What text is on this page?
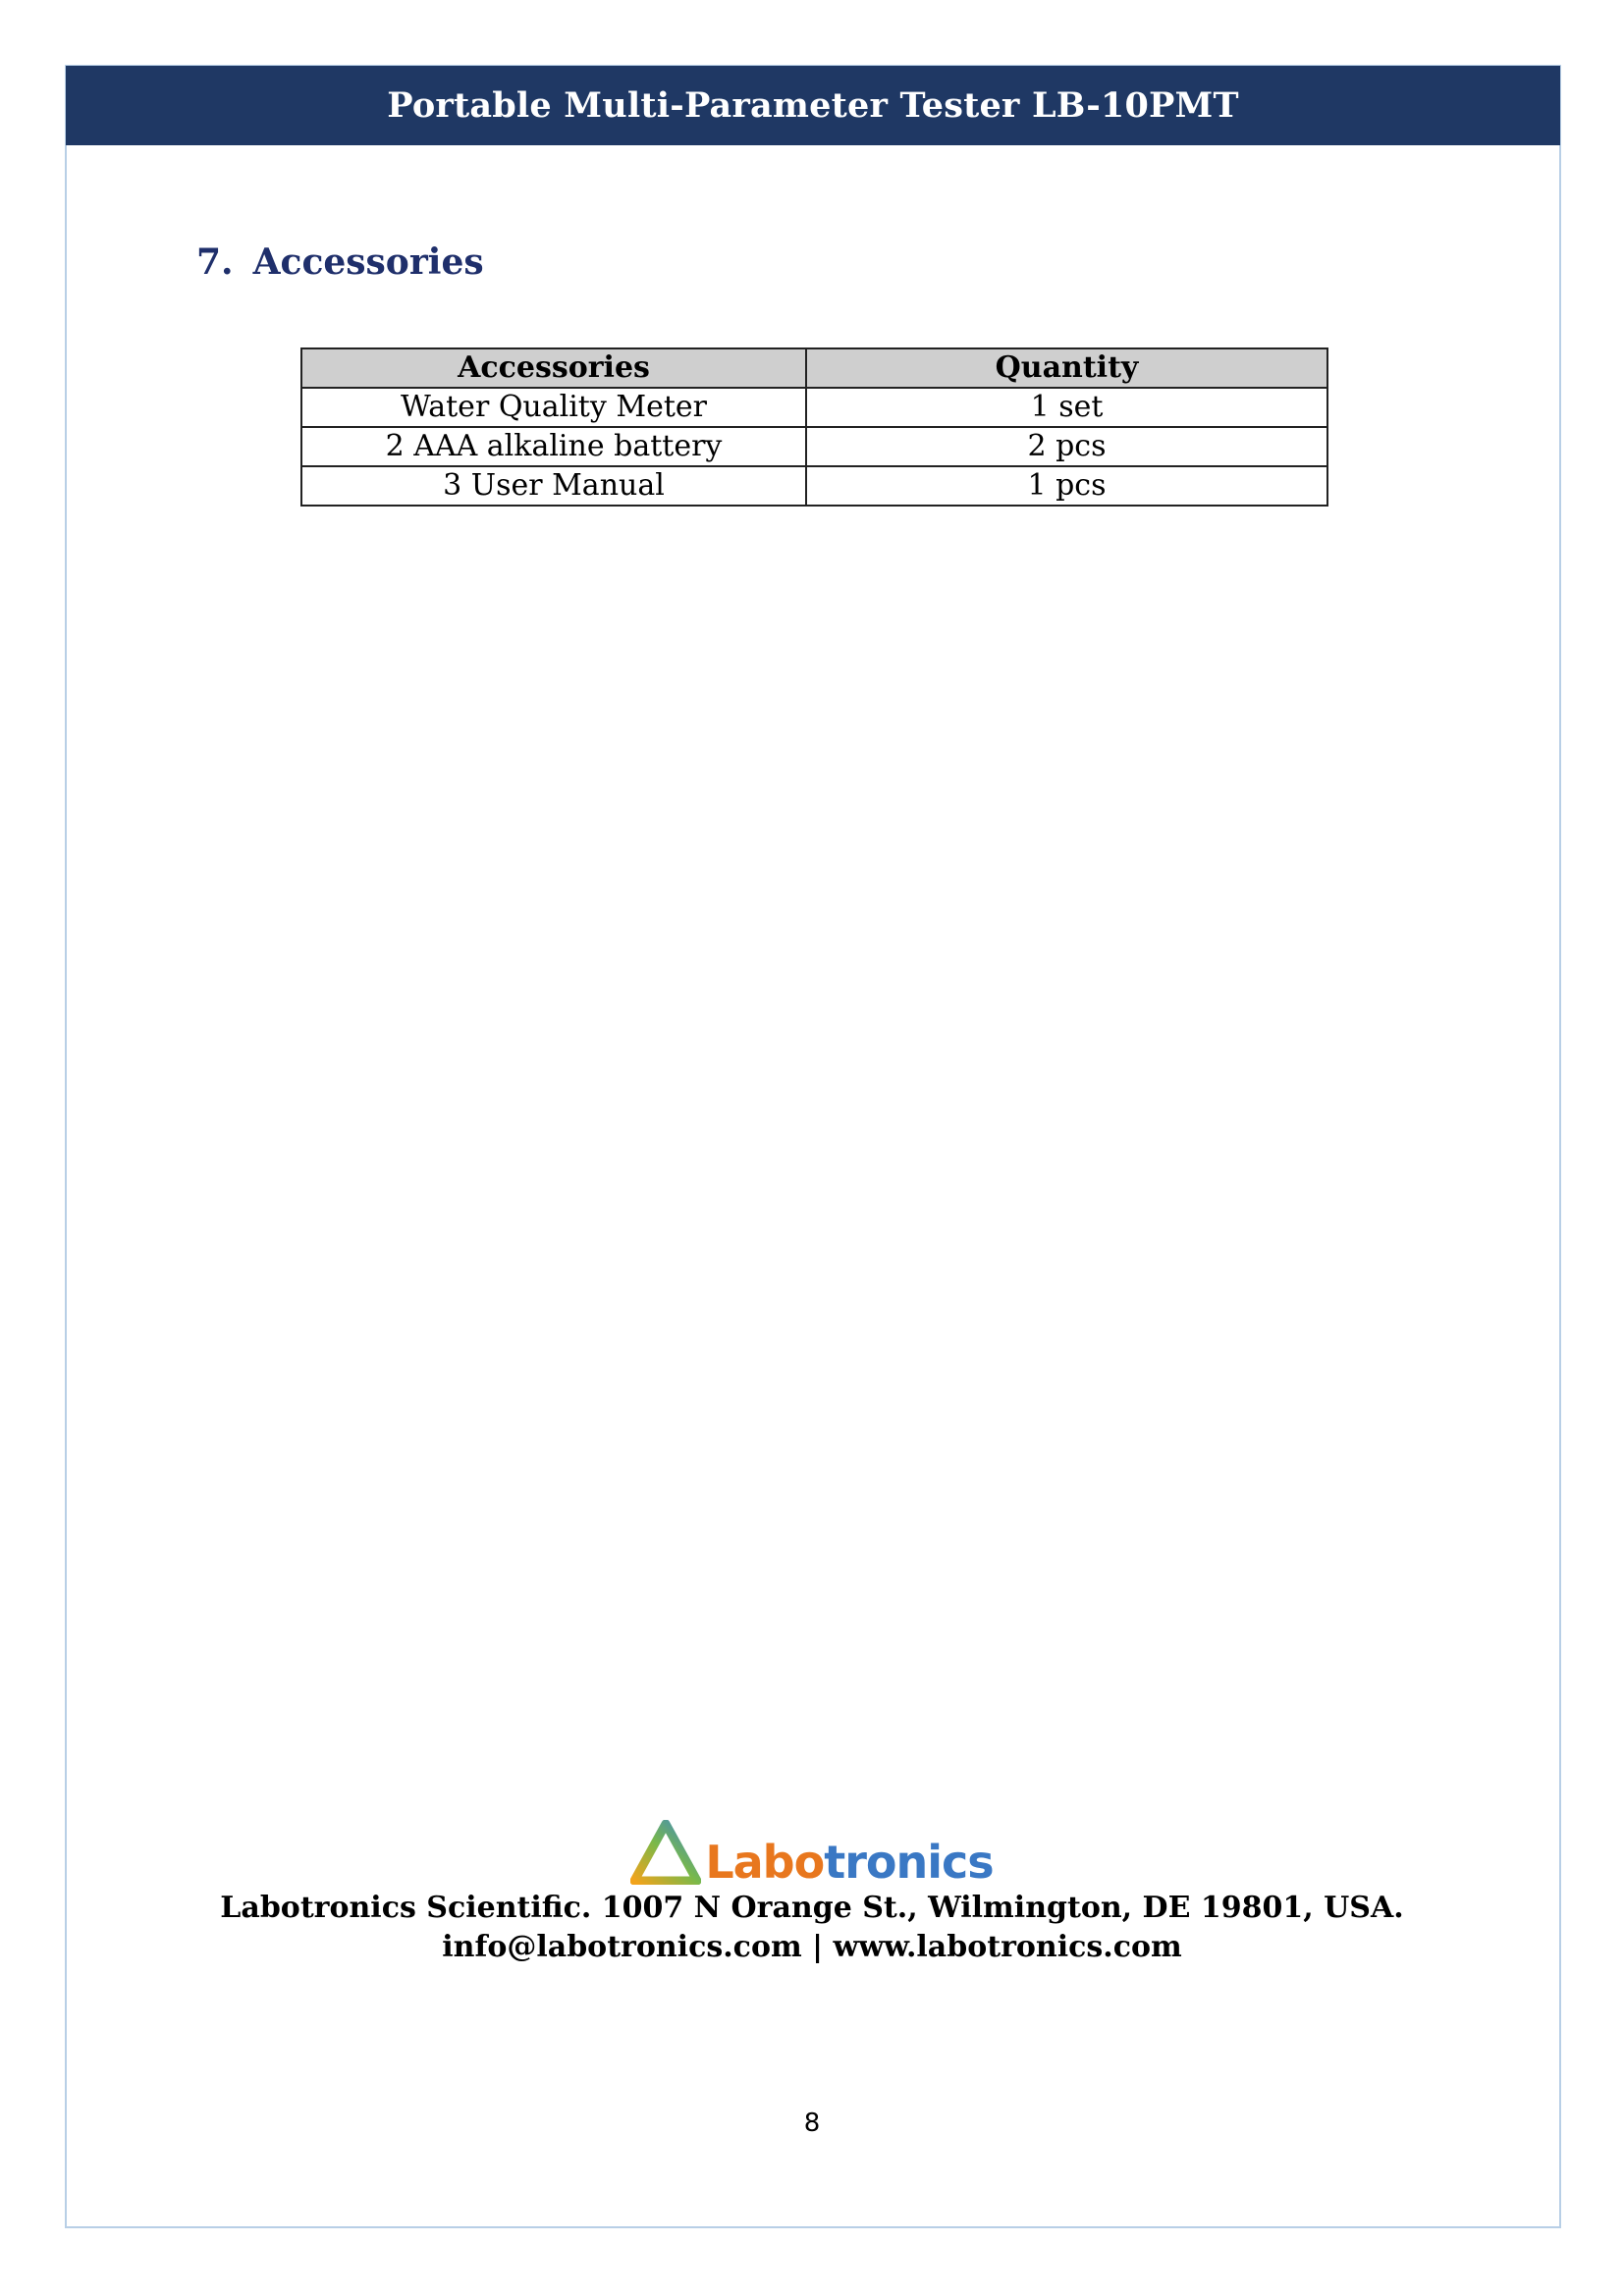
Portable Multi-Parameter Tester LB-10PMT
7. Accessories
Accessories	Quantity
Water Quality Meter	1 set
2 AAA alkaline battery	2 pcs
3 User Manual	1 pcs
Labotronics
Labotronics Scientific. 1007 N Orange St., Wilmington, DE 19801, USA.
info@labotronics.com | www.labotronics.com
8
